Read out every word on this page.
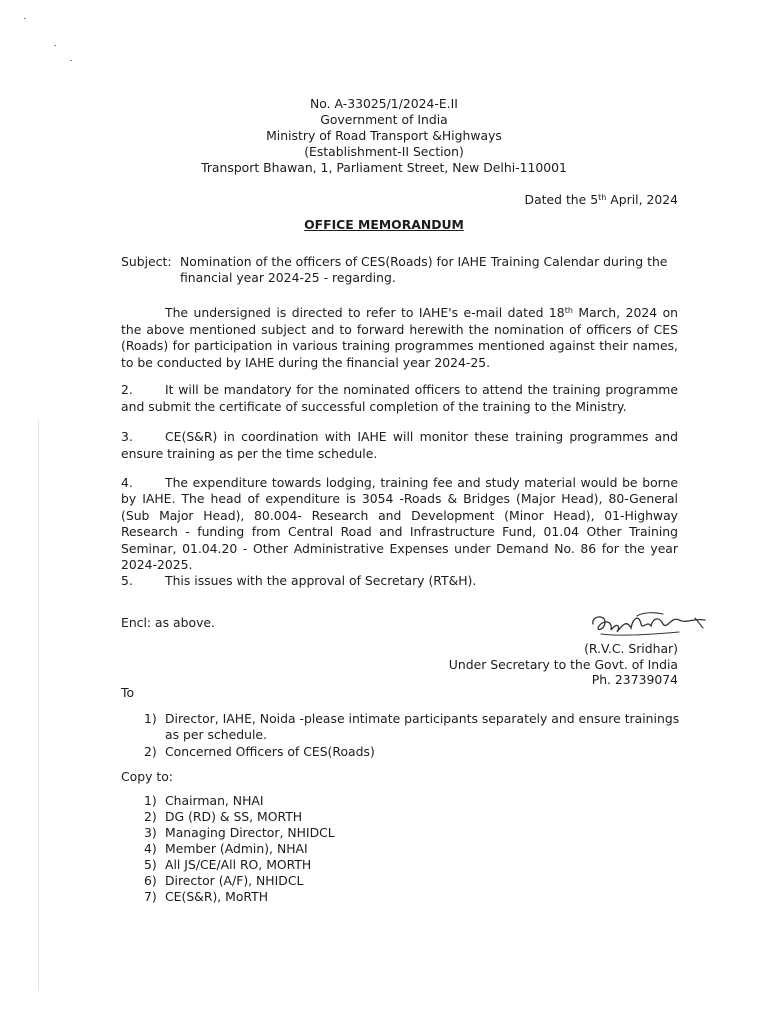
No. A-33025/1/2024-E.II
Government of India
Ministry of Road Transport &Highways
(Establishment-II Section)
Transport Bhawan, 1, Parliament Street, New Delhi-110001
Dated the 5th April, 2024
OFFICE MEMORANDUM
Subject: Nomination of the officers of CES(Roads) for IAHE Training Calendar during the
financial year 2024-25 - regarding.
The undersigned is directed to refer to IAHE's e-mail dated 18th March, 2024 on the above mentioned subject and to forward herewith the nomination of officers of CES (Roads) for participation in various training programmes mentioned against their names, to be conducted by IAHE during the financial year 2024-25.
2.	It will be mandatory for the nominated officers to attend the training programme and submit the certificate of successful completion of the training to the Ministry.
3.	CE(S&R) in coordination with IAHE will monitor these training programmes and ensure training as per the time schedule.
4.	The expenditure towards lodging, training fee and study material would be borne by IAHE. The head of expenditure is 3054 -Roads & Bridges (Major Head), 80-General (Sub Major Head), 80.004- Research and Development (Minor Head), 01-Highway Research - funding from Central Road and Infrastructure Fund, 01.04 Other Training Seminar, 01.04.20 - Other Administrative Expenses under Demand No. 86 for the year 2024-2025.
5.	This issues with the approval of Secretary (RT&H).
Encl: as above.
(R.V.C. Sridhar)
Under Secretary to the Govt. of India
Ph. 23739074
To
1) Director, IAHE, Noida -please intimate participants separately and ensure trainings
as per schedule.
2) Concerned Officers of CES(Roads)
Copy to:
1) Chairman, NHAI
2) DG (RD) & SS, MORTH
3) Managing Director, NHIDCL
4) Member (Admin), NHAI
5) All JS/CE/All RO, MORTH
6) Director (A/F), NHIDCL
7) CE(S&R), MoRTH
